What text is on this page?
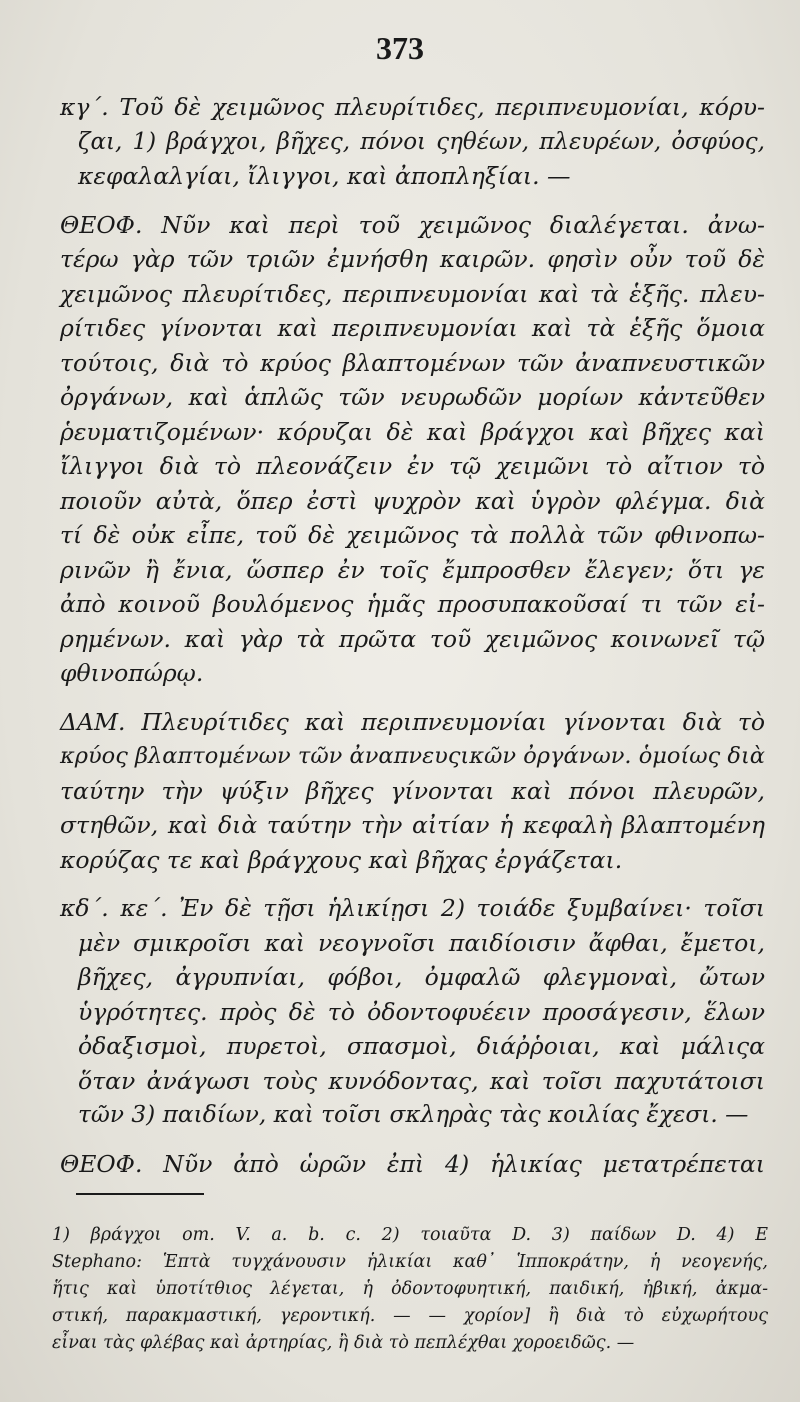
373
κγ΄. Τοῦ δὲ χειμῶνος πλευρίτιδες, περιπνευμονίαι, κόρυ-
ζαι, 1) βράγχοι, βῆχες, πόνοι ςηθέων, πλευρέων, ὀσφύος,
κεφαλαλγίαι, ἴλιγγοι, καὶ ἀποπληξίαι. —
ΘΕΟΦ. Νῦν καὶ περὶ τοῦ χειμῶνος διαλέγεται. ἀνω-
τέρω γὰρ τῶν τριῶν ἐμνήσθη καιρῶν. φησὶν οὖν τοῦ δὲ
χειμῶνος πλευρίτιδες, περιπνευμονίαι καὶ τὰ ἑξῆς. πλευ-
ρίτιδες γίνονται καὶ περιπνευμονίαι καὶ τὰ ἑξῆς ὅμοια
τούτοις, διὰ τὸ κρύος βλαπτομένων τῶν ἀναπνευστικῶν
ὀργάνων, καὶ ἁπλῶς τῶν νευρωδῶν μορίων κἀντεῦθεν
ῥευματιζομένων· κόρυζαι δὲ καὶ βράγχοι καὶ βῆχες καὶ
ἴλιγγοι διὰ τὸ πλεονάζειν ἐν τῷ χειμῶνι τὸ αἴτιον τὸ
ποιοῦν αὐτὰ, ὅπερ ἐστὶ ψυχρὸν καὶ ὑγρὸν φλέγμα. διὰ
τί δὲ οὐκ εἶπε, τοῦ δὲ χειμῶνος τὰ πολλὰ τῶν φθινοπω-
ρινῶν ἢ ἔνια, ὥσπερ ἐν τοῖς ἔμπροσθεν ἔλεγεν; ὅτι γε
ἀπὸ κοινοῦ βουλόμενος ἡμᾶς προσυπακοῦσαί τι τῶν εἰ-
ρημένων. καὶ γὰρ τὰ πρῶτα τοῦ χειμῶνος κοινωνεῖ τῷ
φθινοπώρῳ.
ΔΑΜ. Πλευρίτιδες καὶ περιπνευμονίαι γίνονται διὰ τὸ
κρύος βλαπτομένων τῶν ἀναπνευςικῶν ὀργάνων. ὁμοίως διὰ
ταύτην τὴν ψύξιν βῆχες γίνονται καὶ πόνοι πλευρῶν,
στηθῶν, καὶ διὰ ταύτην τὴν αἰτίαν ἡ κεφαλὴ βλαπτομένη
κορύζας τε καὶ βράγχους καὶ βῆχας ἐργάζεται.
κδ΄. κε΄. Ἐν δὲ τῇσι ἡλικίῃσι 2) τοιάδε ξυμβαίνει· τοῖσι
μὲν σμικροῖσι καὶ νεογνοῖσι παιδίοισιν ἄφθαι, ἔμετοι,
βῆχες, ἀγρυπνίαι, φόβοι, ὀμφαλῶ φλεγμοναὶ, ὤτων
ὑγρότητες. πρὸς δὲ τὸ ὀδοντοφυέειν προσάγεσιν, ἕλων
ὀδαξισμοὶ, πυρετοὶ, σπασμοὶ, διάῤῥοιαι, καὶ μάλιςα
ὅταν ἀνάγωσι τοὺς κυνόδοντας, καὶ τοῖσι παχυτάτοισι
τῶν 3) παιδίων, καὶ τοῖσι σκληρὰς τὰς κοιλίας ἔχεσι. —
ΘΕΟΦ. Νῦν ἀπὸ ὡρῶν ἐπὶ 4) ἡλικίας μετατρέπεται
1) βράγχοι om. V. a. b. c. 2) τοιαῦτα D. 3) παίδων D. 4) E
Stephano: Ἑπτὰ τυγχάνουσιν ἡλικίαι καθ᾽ Ἱπποκράτην, ἡ νεογενής,
ἥτις καὶ ὑποτίτθιος λέγεται, ἡ ὀδοντοφυητική, παιδική, ἡβική, ἀκμα-
στική, παρακμαστική, γεροντική. — — χορίον] ἢ διὰ τὸ εὐχωρήτους
εἶναι τὰς φλέβας καὶ ἀρτηρίας, ἢ διὰ τὸ πεπλέχθαι χοροειδῶς. —
